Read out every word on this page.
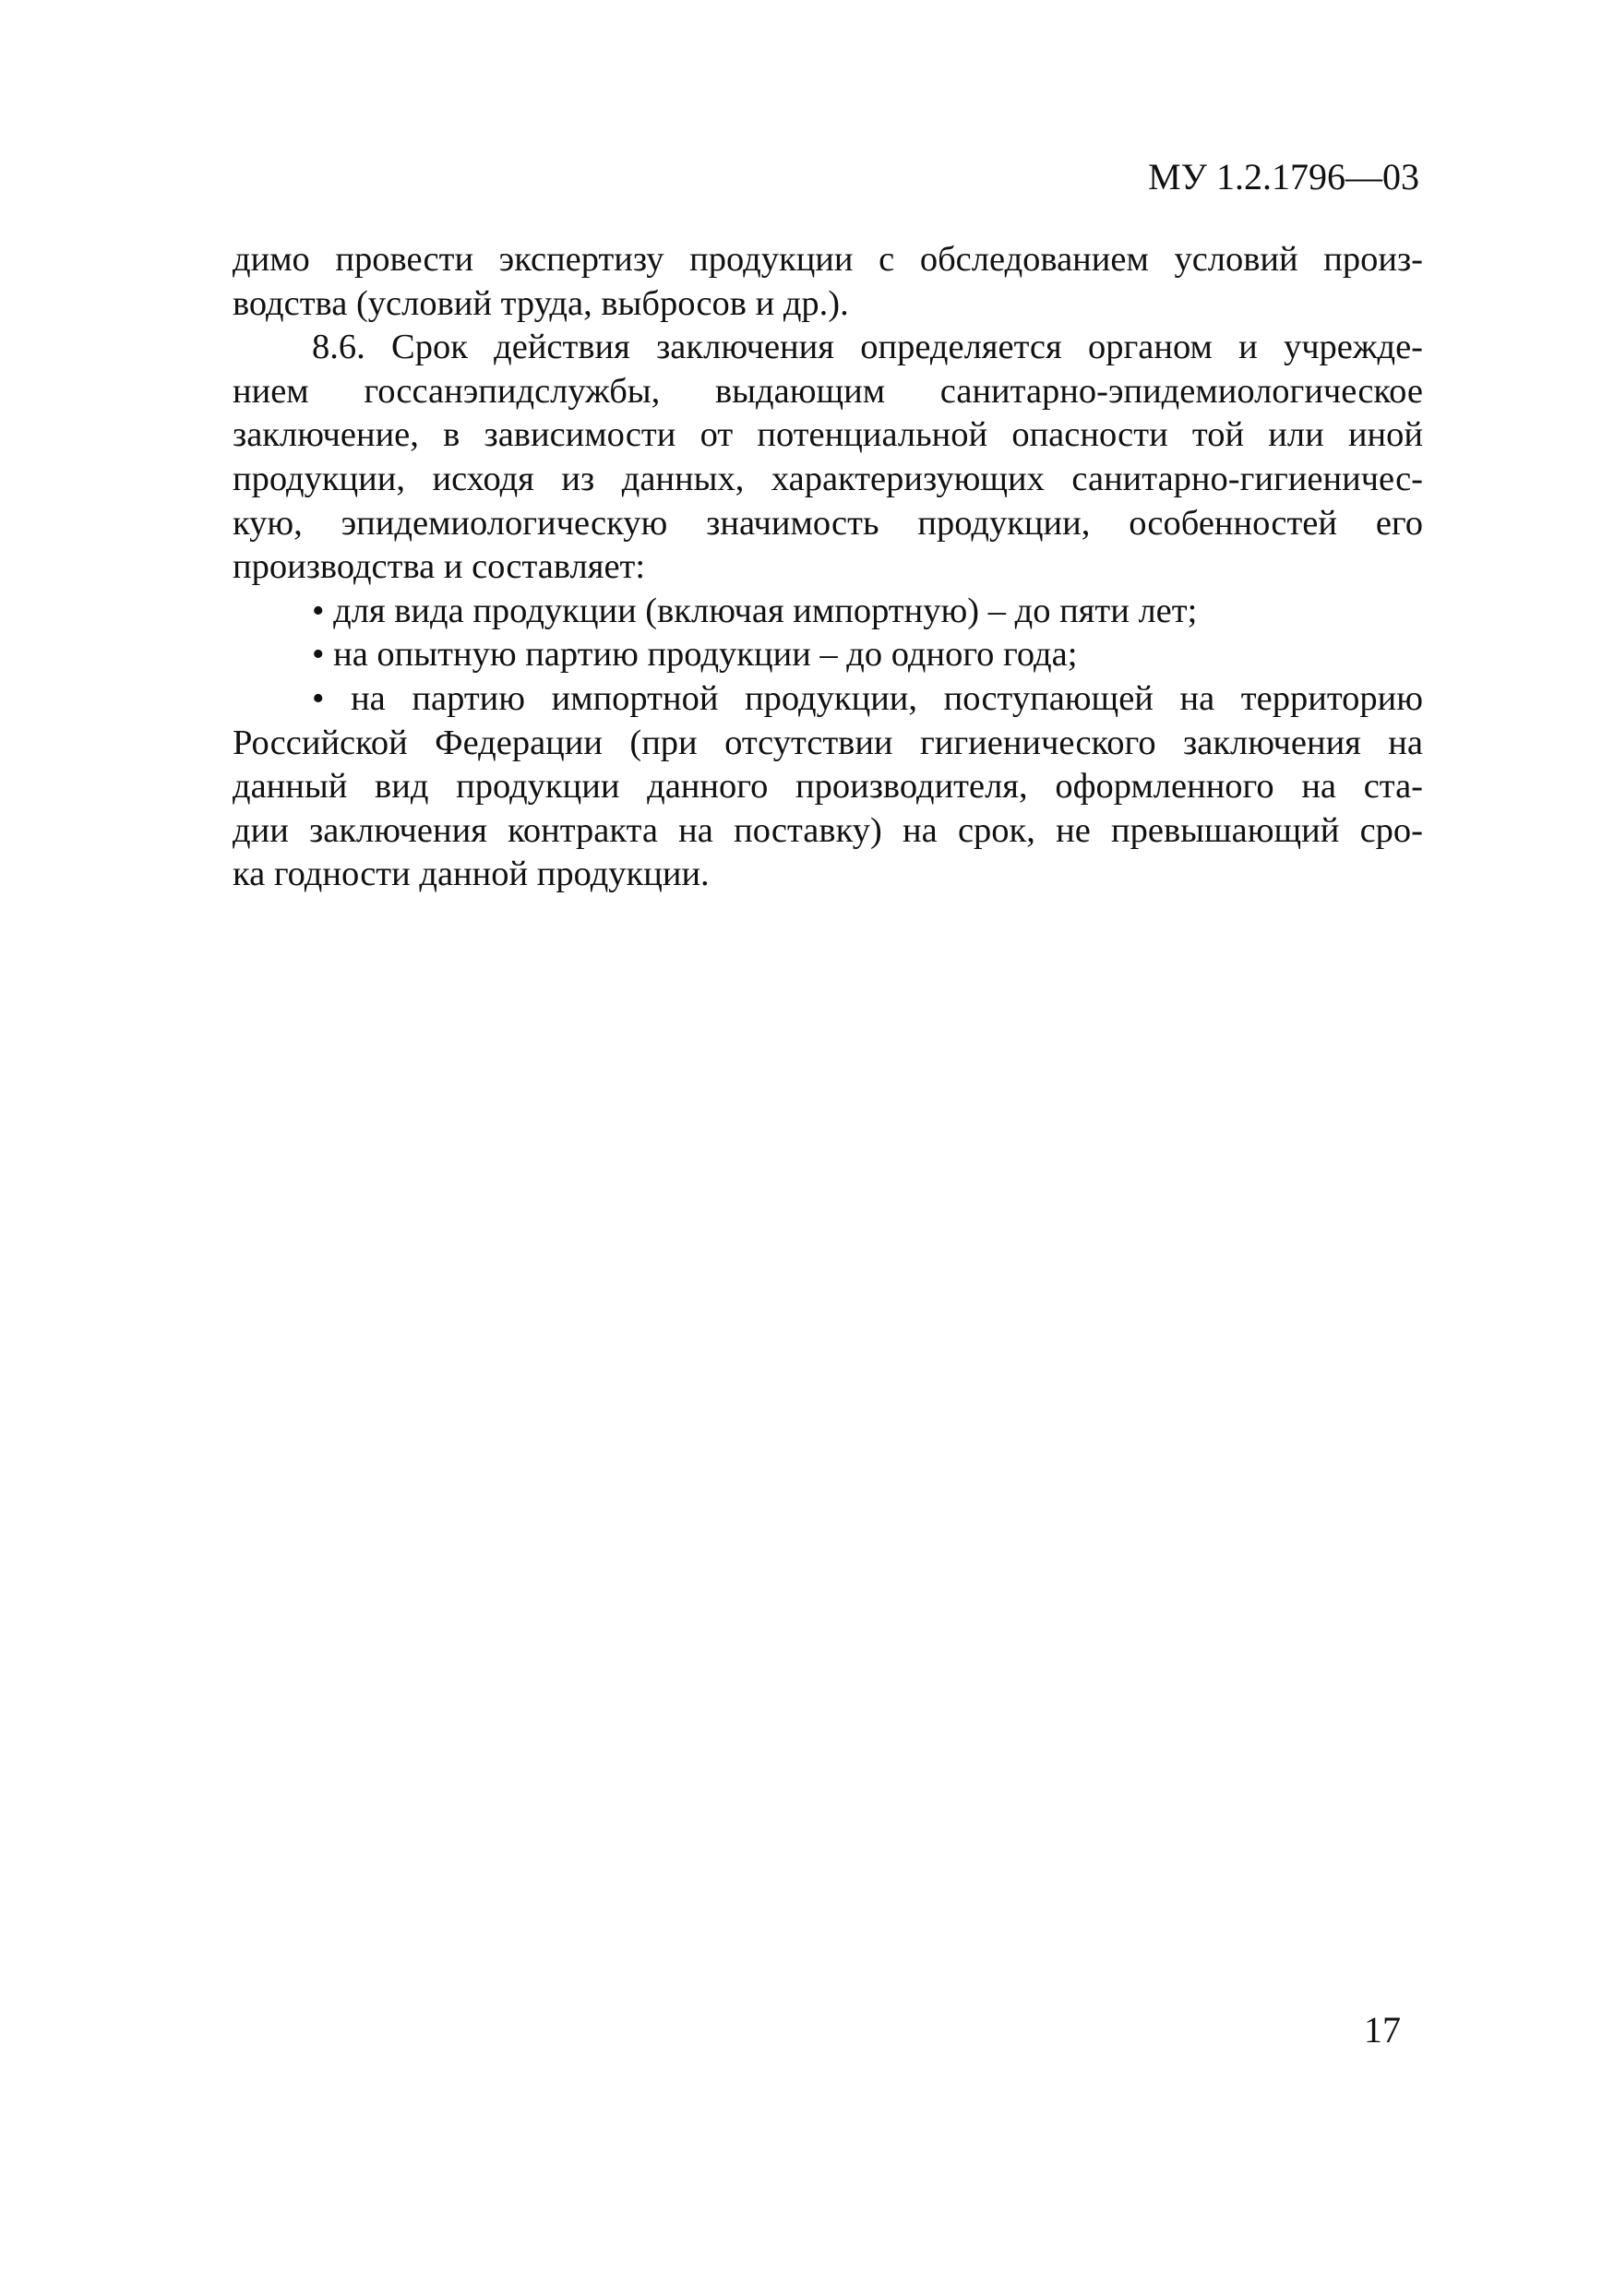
МУ 1.2.1796—03
димо провести экспертизу продукции с обследованием условий произ-
водства (условий труда, выбросов и др.).
8.6. Срок действия заключения определяется органом и учрежде-
нием госсанэпидслужбы, выдающим санитарно-эпидемиологическое
заключение, в зависимости от потенциальной опасности той или иной
продукции, исходя из данных, характеризующих санитарно-гигиеничес-
кую, эпидемиологическую значимость продукции, особенностей его
производства и составляет:
• для вида продукции (включая импортную) – до пяти лет;
• на опытную партию продукции – до одного года;
• на партию импортной продукции, поступающей на территорию
Российской Федерации (при отсутствии гигиенического заключения на
данный вид продукции данного производителя, оформленного на ста-
дии заключения контракта на поставку) на срок, не превышающий сро-
ка годности данной продукции.
17
